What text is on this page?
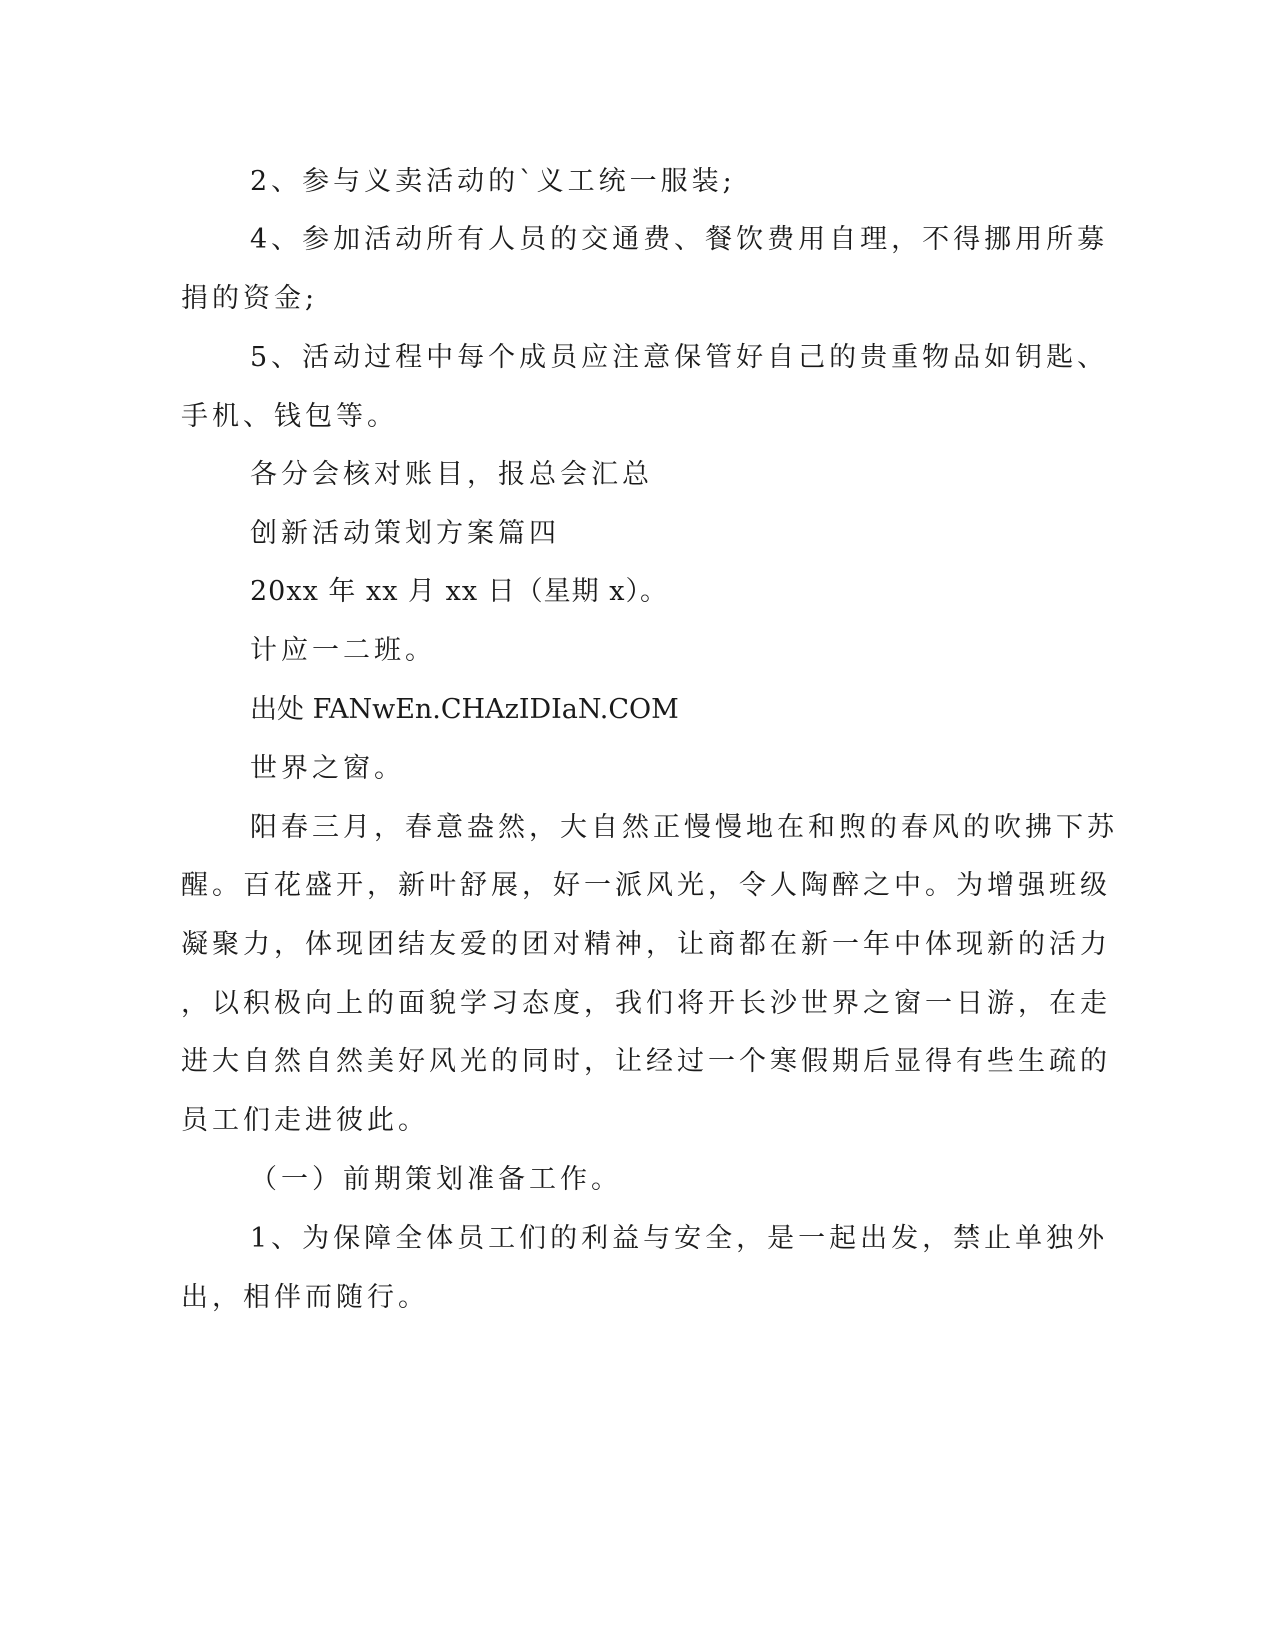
2、参与义卖活动的`义工统一服装;
4、参加活动所有人员的交通费、餐饮费用自理，不得挪用所募
捐的资金;
5、活动过程中每个成员应注意保管好自己的贵重物品如钥匙、
手机、钱包等。
各分会核对账目，报总会汇总
创新活动策划方案篇四
20xx 年 xx 月 xx 日（星期 x）。
计应一二班。
出处 FANwEn.CHAzIDIaN.COM
世界之窗。
阳春三月，春意盎然，大自然正慢慢地在和煦的春风的吹拂下苏
醒。百花盛开，新叶舒展，好一派风光，令人陶醉之中。为增强班级
凝聚力，体现团结友爱的团对精神，让商都在新一年中体现新的活力
，以积极向上的面貌学习态度，我们将开长沙世界之窗一日游，在走
进大自然自然美好风光的同时，让经过一个寒假期后显得有些生疏的
员工们走进彼此。
（一）前期策划准备工作。
1、为保障全体员工们的利益与安全，是一起出发，禁止单独外
出，相伴而随行。
